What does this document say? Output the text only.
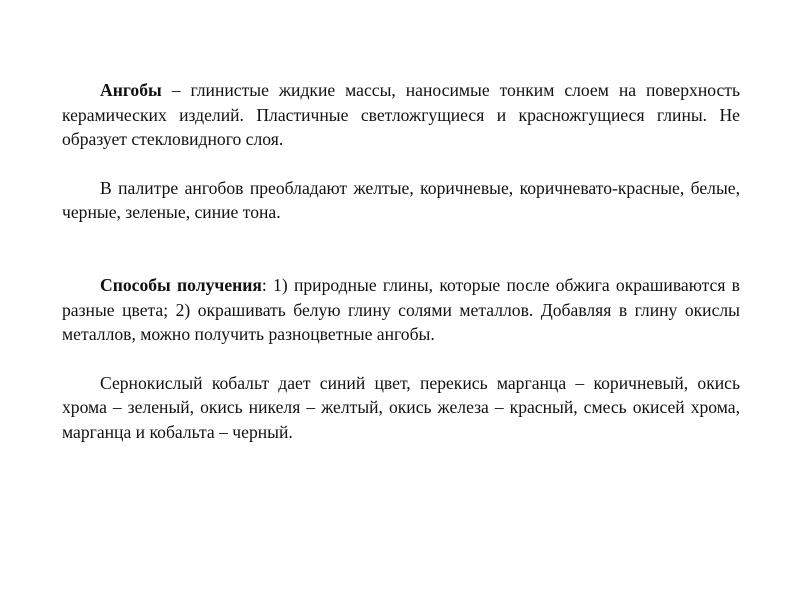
Ангобы – глинистые жидкие массы, наносимые тонким слоем на поверхность керамических изделий. Пластичные светложгущиеся и красножгущиеся глины. Не образует стекловидного слоя.

В палитре ангобов преобладают желтые, коричневые, коричневато-красные, белые, черные, зеленые, синие тона.

Способы получения: 1) природные глины, которые после обжига окрашиваются в разные цвета; 2) окрашивать белую глину солями металлов. Добавляя в глину окислы металлов, можно получить разноцветные ангобы.

Сернокислый кобальт дает синий цвет, перекись марганца – коричневый, окись хрома – зеленый, окись никеля – желтый, окись железа – красный, смесь окисей хрома, марганца и кобальта – черный.
